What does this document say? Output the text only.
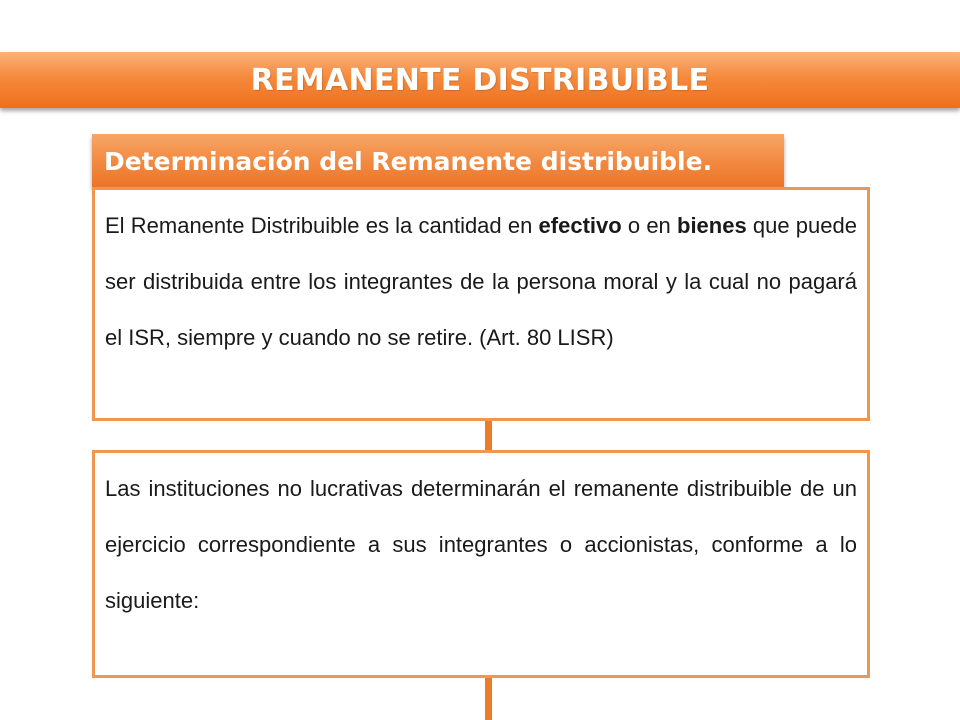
REMANENTE DISTRIBUIBLE
Determinación del Remanente distribuible.
El Remanente Distribuible es la cantidad en efectivo o en bienes que puede ser distribuida entre los integrantes de la persona moral y la cual no pagará el ISR, siempre y cuando no se retire. (Art. 80 LISR)
Las instituciones no lucrativas determinarán el remanente distribuible de un ejercicio correspondiente a sus integrantes o accionistas, conforme a lo siguiente:
